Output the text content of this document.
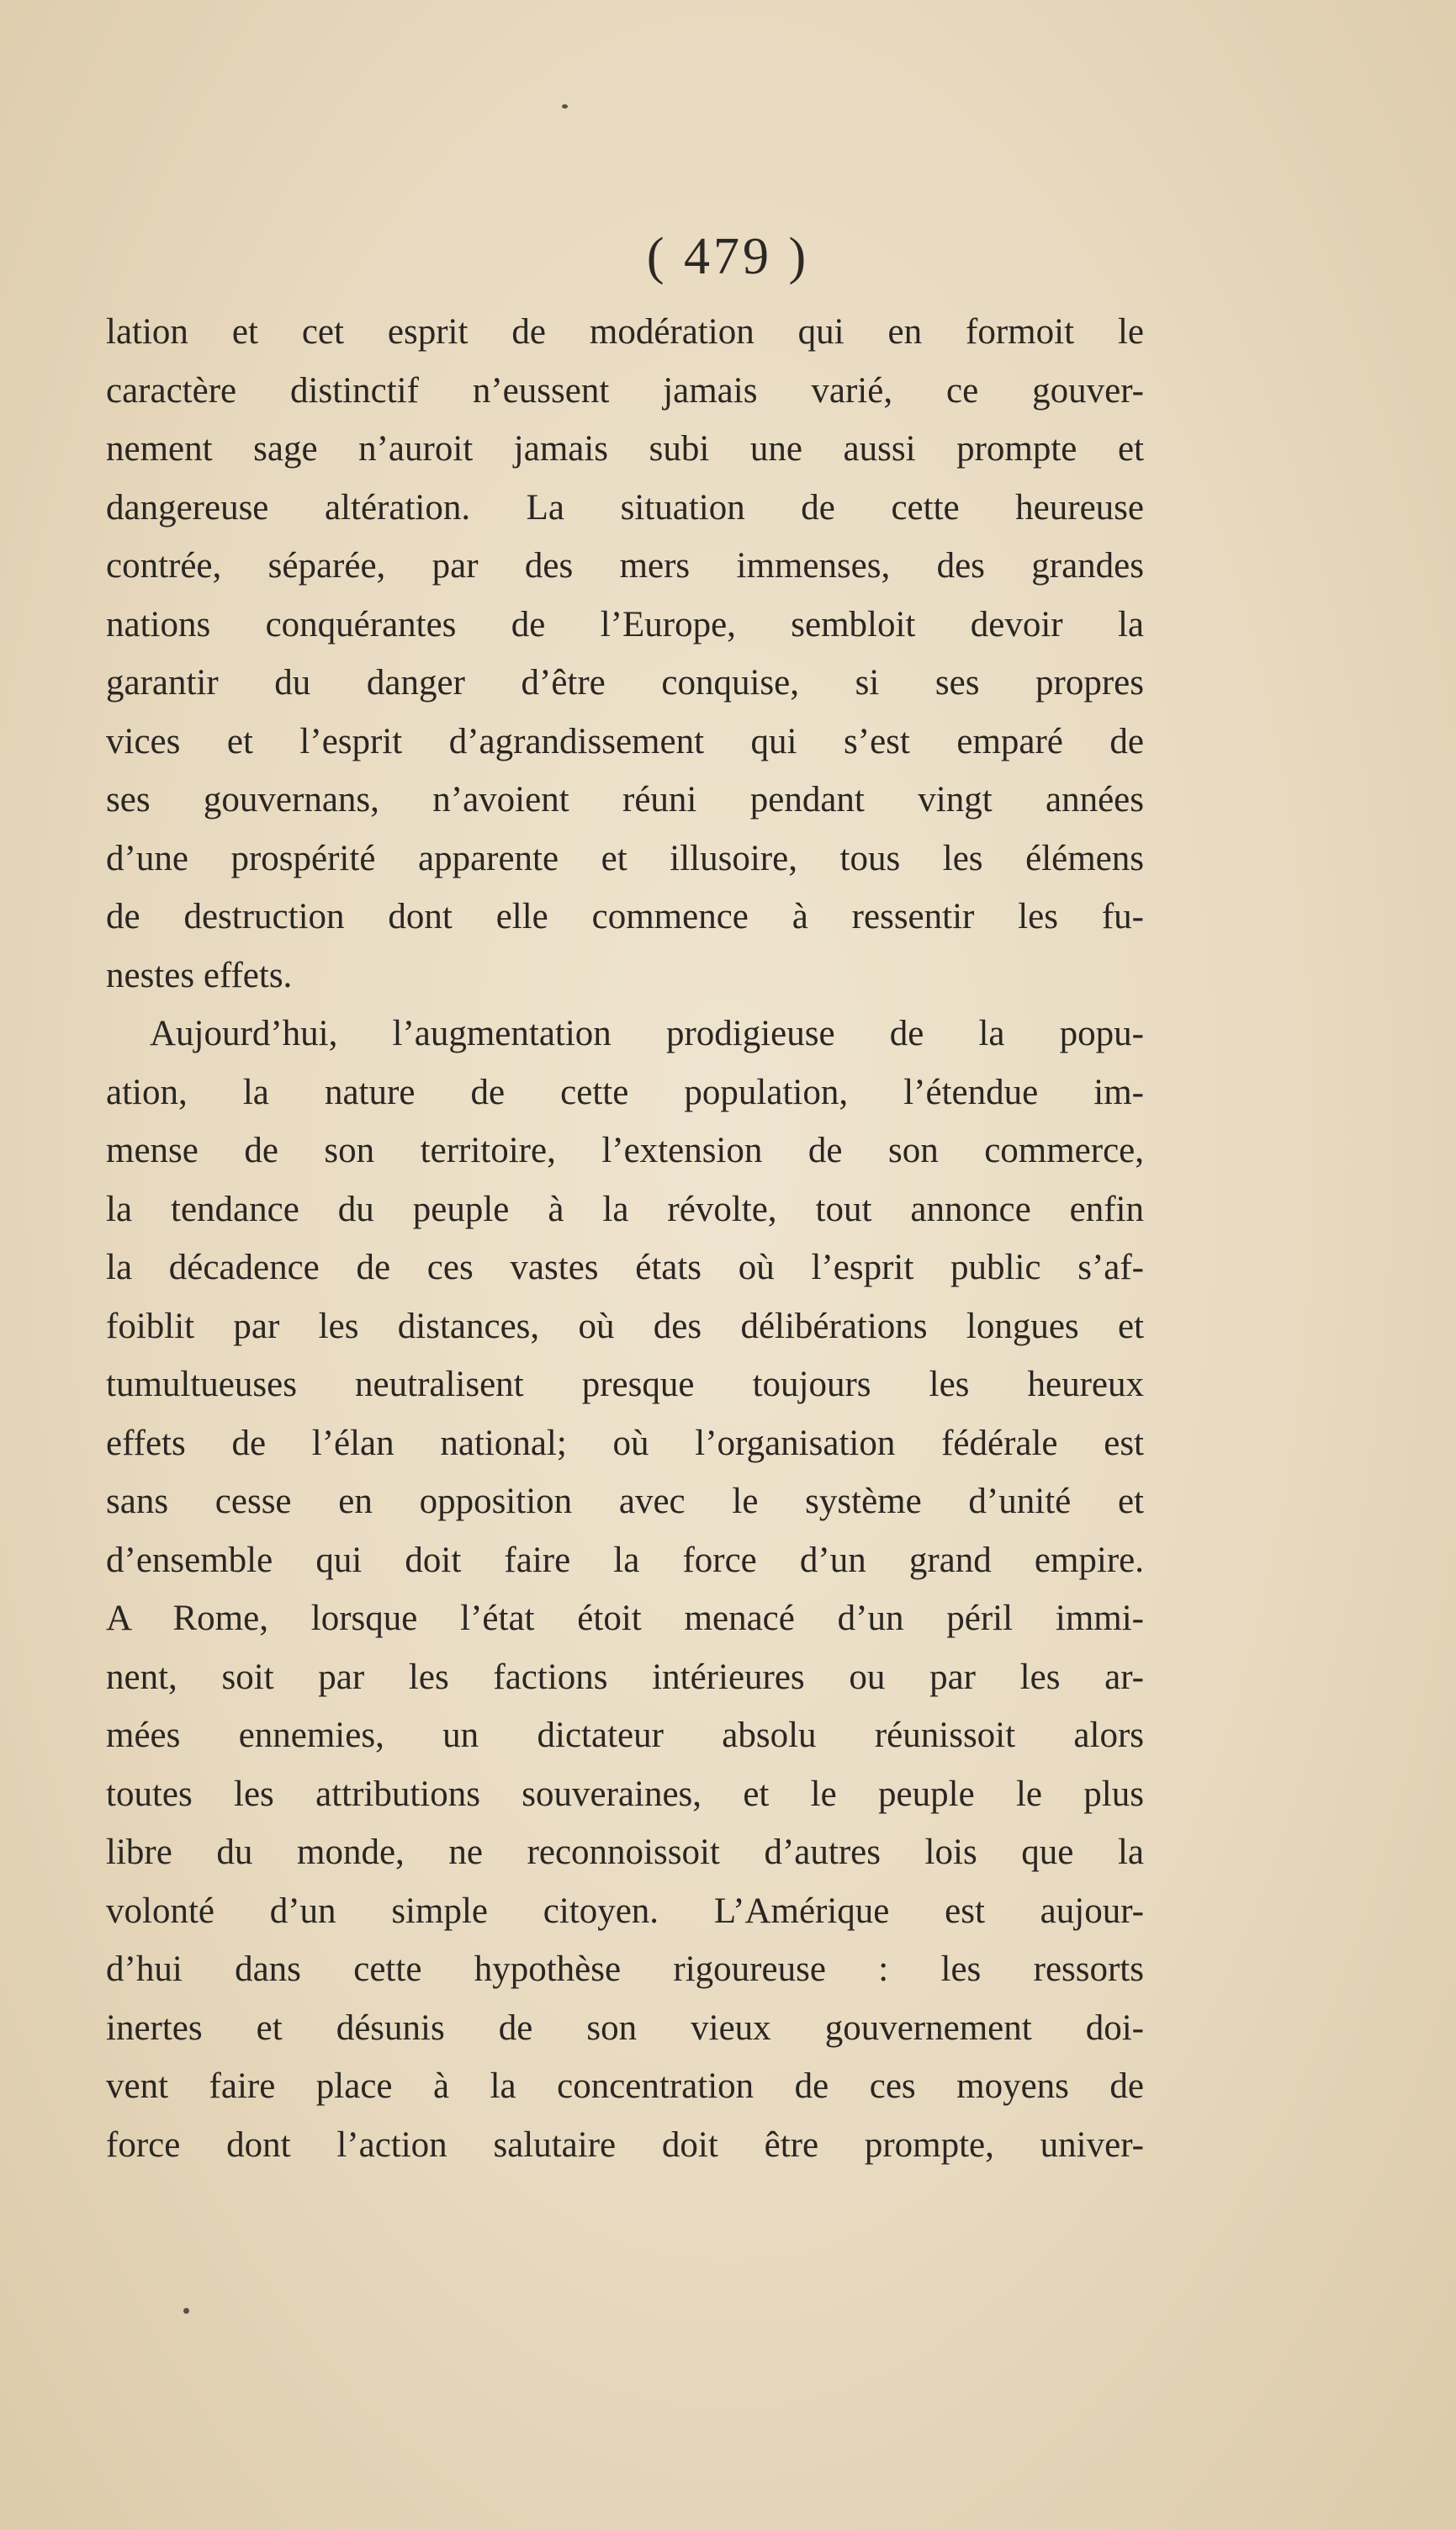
( 479 )
lation et cet esprit de modération qui en formoit le
caractère distinctif n’eussent jamais varié, ce gouver-
nement sage n’auroit jamais subi une aussi prompte et
dangereuse altération. La situation de cette heureuse
contrée, séparée, par des mers immenses, des grandes
nations conquérantes de l’Europe, sembloit devoir la
garantir du danger d’être conquise, si ses propres
vices et l’esprit d’agrandissement qui s’est emparé de
ses gouvernans, n’avoient réuni pendant vingt années
d’une prospérité apparente et illusoire, tous les élémens
de destruction dont elle commence à ressentir les fu-
nestes effets.
Aujourd’hui, l’augmentation prodigieuse de la popu-
ation, la nature de cette population, l’étendue im-
mense de son territoire, l’extension de son commerce,
la tendance du peuple à la révolte, tout annonce enfin
la décadence de ces vastes états où l’esprit public s’af-
foiblit par les distances, où des délibérations longues et
tumultueuses neutralisent presque toujours les heureux
effets de l’élan national; où l’organisation fédérale est
sans cesse en opposition avec le système d’unité et
d’ensemble qui doit faire la force d’un grand empire.
A Rome, lorsque l’état étoit menacé d’un péril immi-
nent, soit par les factions intérieures ou par les ar-
mées ennemies, un dictateur absolu réunissoit alors
toutes les attributions souveraines, et le peuple le plus
libre du monde, ne reconnoissoit d’autres lois que la
volonté d’un simple citoyen. L’Amérique est aujour-
d’hui dans cette hypothèse rigoureuse : les ressorts
inertes et désunis de son vieux gouvernement doi-
vent faire place à la concentration de ces moyens de
force dont l’action salutaire doit être prompte, univer-
